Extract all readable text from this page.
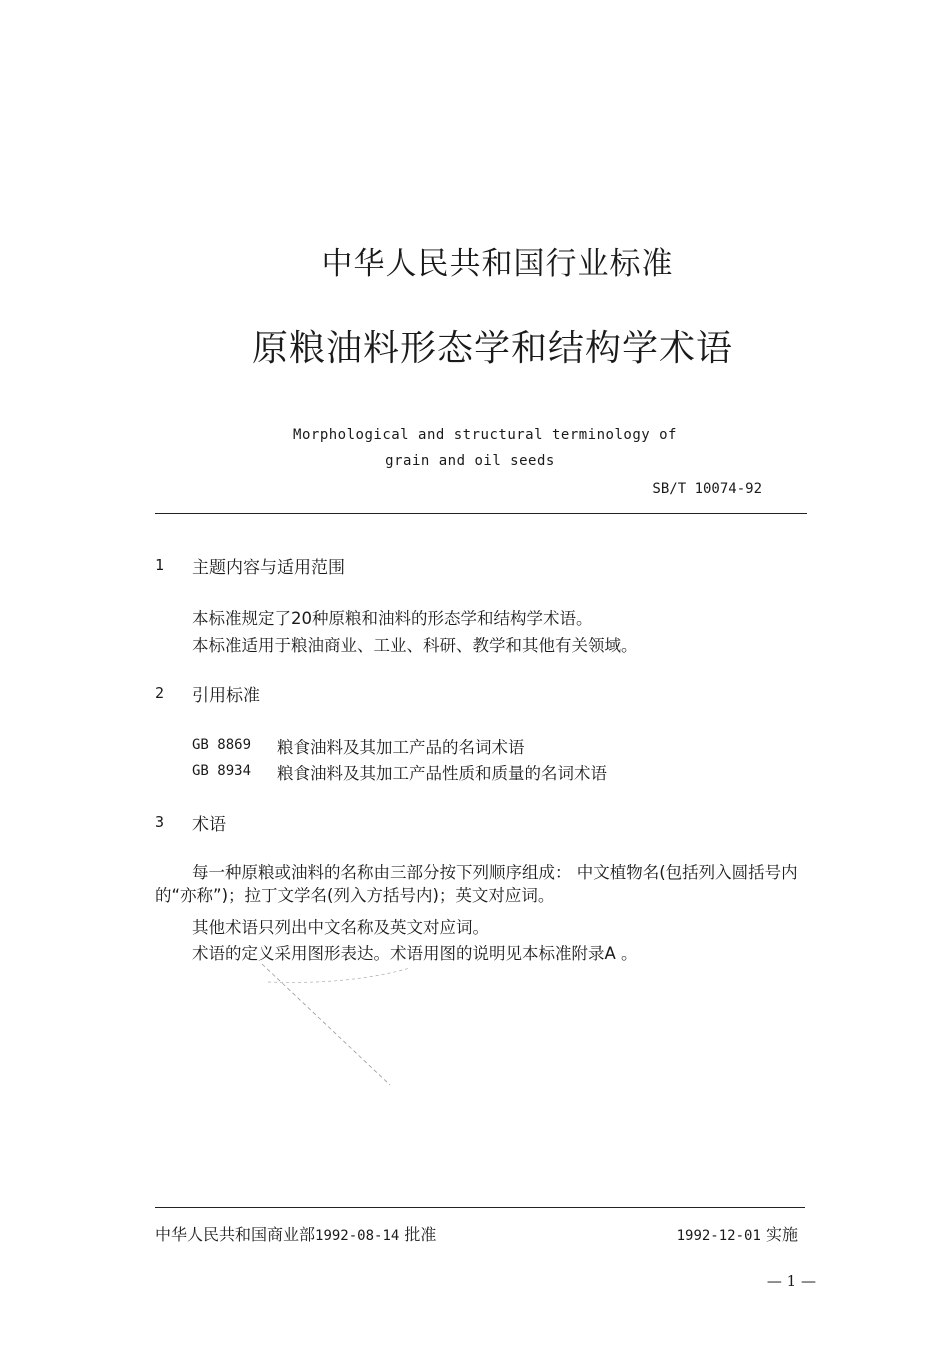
中华人民共和国行业标准
原粮油料形态学和结构学术语
Morphological and structural terminology of
grain and oil seeds
SB/T 10074-92
1 主题内容与适用范围
本标准规定了20种原粮和油料的形态学和结构学术语。
本标准适用于粮油商业、工业、科研、教学和其他有关领域。
2 引用标准
GB 8869 粮食油料及其加工产品的名词术语
GB 8934 粮食油料及其加工产品性质和质量的名词术语
3 术语
每一种原粮或油料的名称由三部分按下列顺序组成： 中文植物名(包括列入圆括号内的“亦称”)；拉丁文学名(列入方括号内)；英文对应词。
其他术语只列出中文名称及英文对应词。
术语的定义采用图形表达。术语用图的说明见本标准附录A 。
中华人民共和国商业部1992-08-14 批准	1992-12-01 实施
— 1 —
